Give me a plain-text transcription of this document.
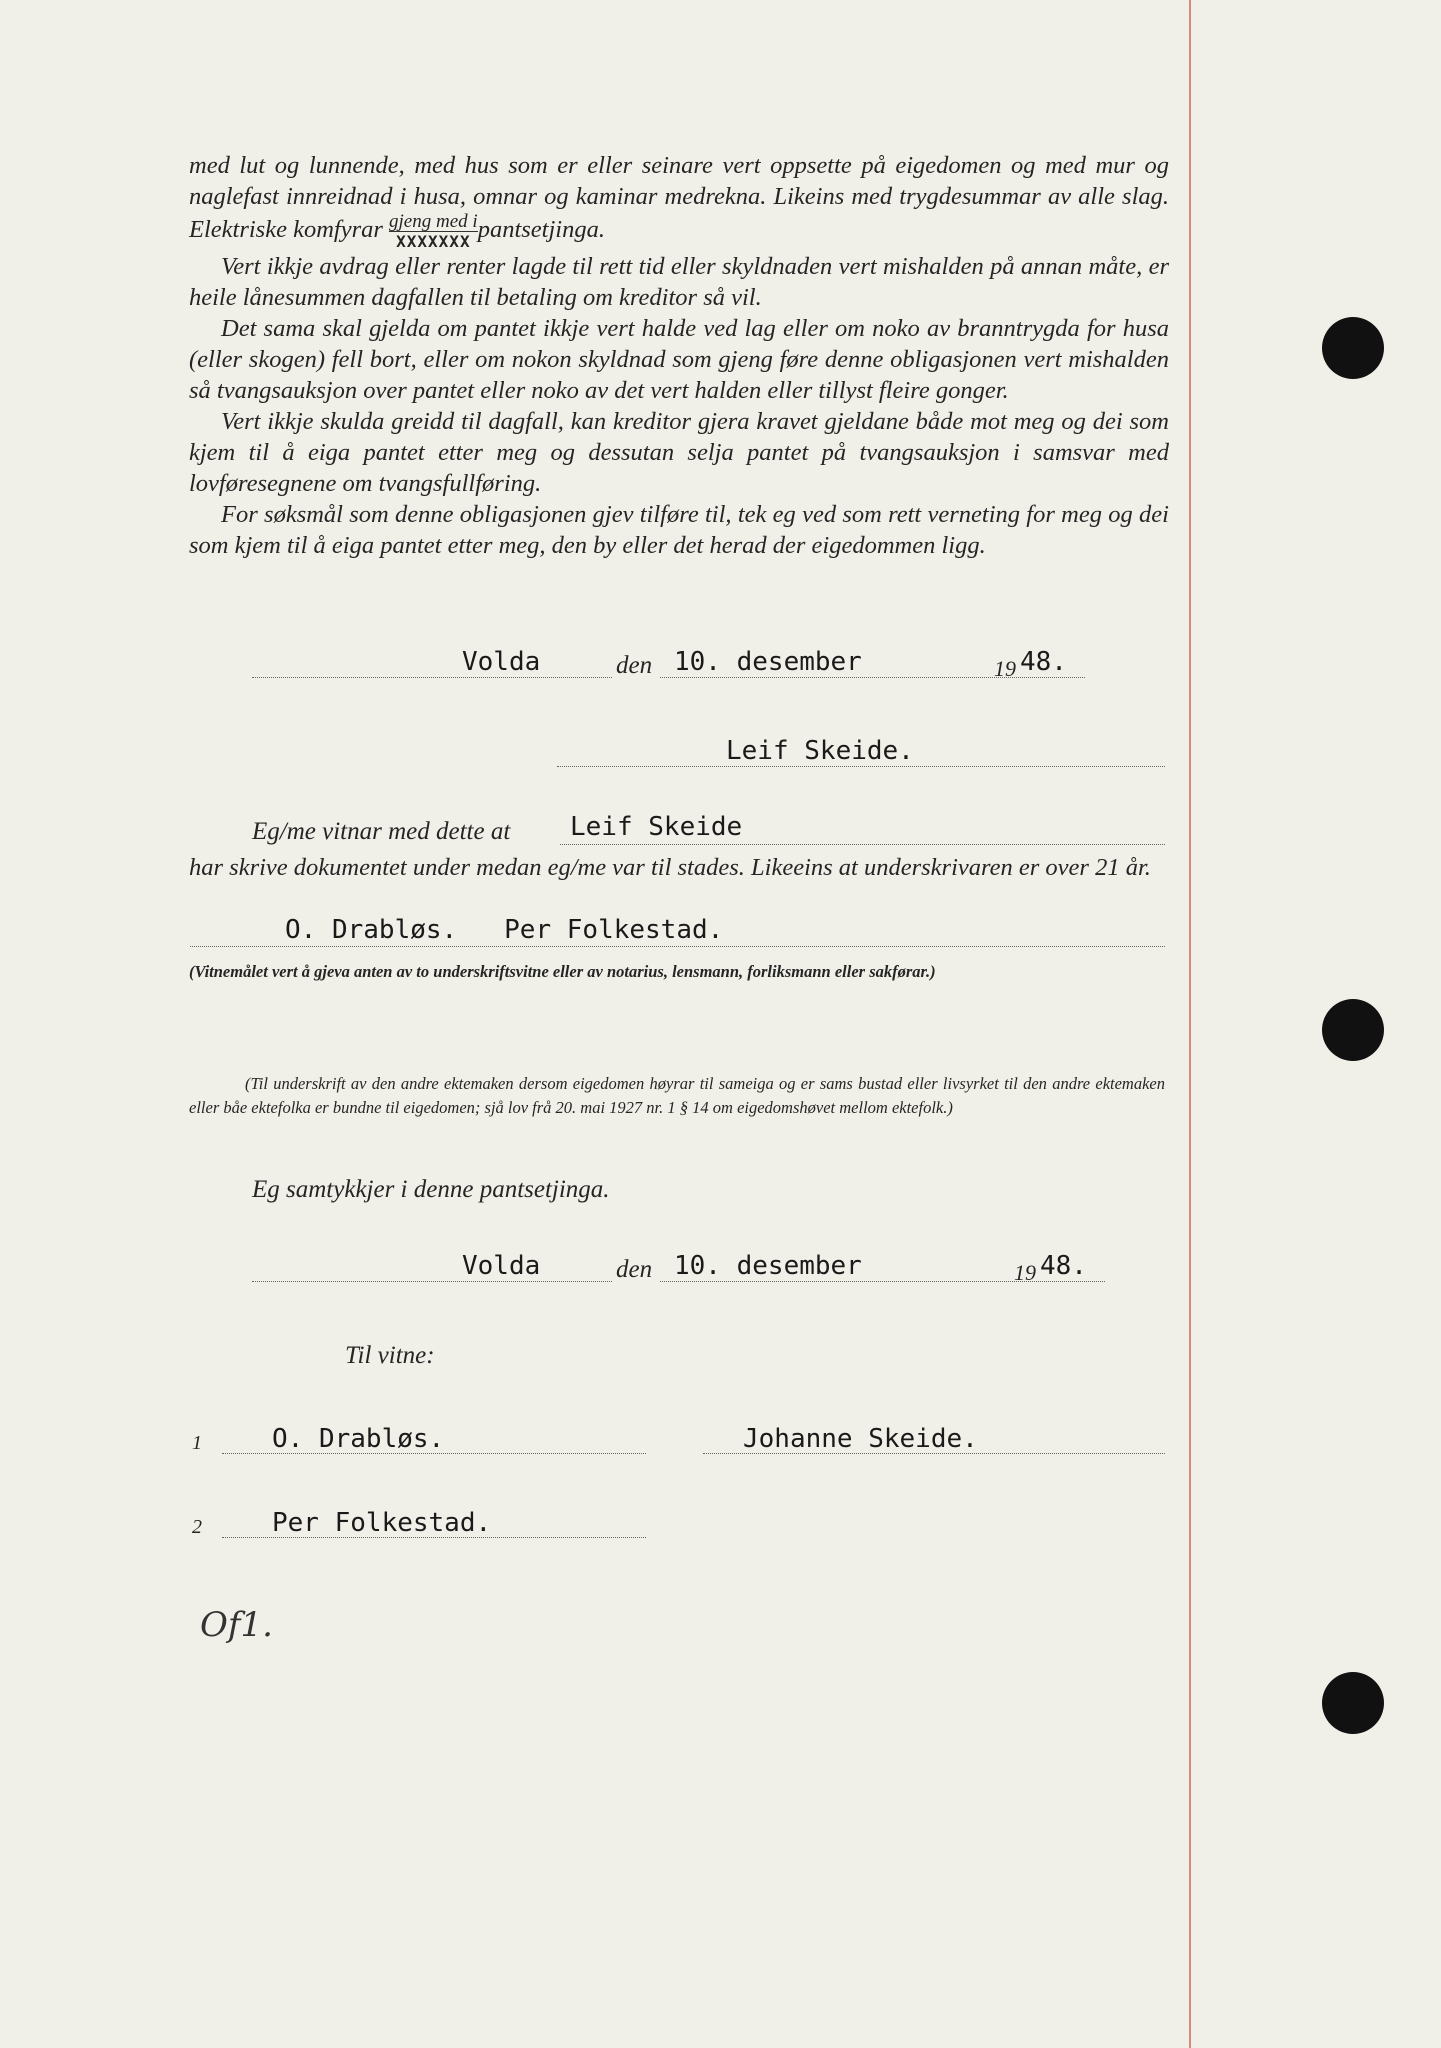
med lut og lunnende, med hus som er eller seinare vert oppsette på eigedomen og med mur og naglefast innreidnad i husa, omnar og kaminar medrekna. Likeins med trygdesummar av alle slag. Elektriske komfyrar gjeng med i
XXXXXXX pantsetjinga.

Vert ikkje avdrag eller renter lagde til rett tid eller skyldnaden vert mishalden på annan måte, er heile lånesummen dagfallen til betaling om kreditor så vil.

Det sama skal gjelda om pantet ikkje vert halde ved lag eller om noko av branntrygda for husa (eller skogen) fell bort, eller om nokon skyldnad som gjeng føre denne obligasjonen vert mishalden så tvangsauksjon over pantet eller noko av det vert halden eller tillyst fleire gonger.

Vert ikkje skulda greidd til dagfall, kan kreditor gjera kravet gjeldane både mot meg og dei som kjem til å eiga pantet etter meg og dessutan selja pantet på tvangsauksjon i samsvar med lovføresegnene om tvangsfullføring.

For søksmål som denne obligasjonen gjev tilføre til, tek eg ved som rett verneting for meg og dei som kjem til å eiga pantet etter meg, den by eller det herad der eigedommen ligg.

Volda	den 10. desember	19 48.
Leif Skeide.
Eg/me vitnar med dette at Leif Skeide

har skrive dokumentet under medan eg/me var til stades. Likeeins at underskrivaren er over 21 år.

O. Drabløs.   Per Folkestad.
(Vitnemålet vert å gjeva anten av to underskriftsvitne eller av notarius, lensmann, forliksmann eller sakførar.)
(Til underskrift av den andre ektemaken dersom eigedomen høyrar til sameiga og er sams bustad eller livsyrket til den andre ektemaken eller båe ektefolka er bundne til eigedomen; sjå lov frå 20. mai 1927 nr. 1 § 14 om eigedomshøvet mellom ektefolk.)
Eg samtykkjer i denne pantsetjinga.
Volda	den 10. desember	19 48.
Til vitne:
1	O. Drabløs.	Johanne Skeide.
2	Per Folkestad.
Of1.
